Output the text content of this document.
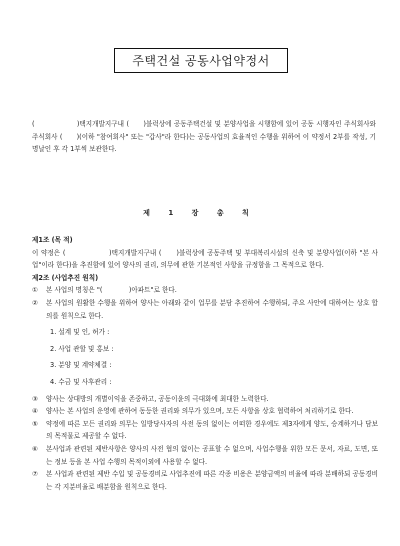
주택건설 공동사업약정서

(　　　　　　)택지개발지구내 (　　)블럭상에 공동주택건설 및 분양사업을 시행함에 있어 공동 시행자인 주식회사와 주식회사 (　　)(이하 "참여회사" 또는 "갑사"라 한다)는 공동사업의 효율적인 수행을 위하여 이 약정서 2부를 작성, 기명날인 후 각 1부씩 보관한다.

제 1 장 총 칙

제1조 (목 적)

이 약정은 (　　　　　　)택지개발지구내 (　　)블럭상에 공동주택 및 부대복리시설의 신축 및 분양사업(이하 "본 사업"이라 한다)을 추진함에 있어 양사의 권리, 의무에 관한 기본적인 사항을 규정함을 그 목적으로 한다.

제2조 (사업추진 원칙)

① 본 사업의 명칭은 "(　　　　)아파트"로 한다.

② 본 사업의 원활한 수행을 위하여 양사는 아래와 같이 업무를 분담 추진하여 수행하되, 주요 사안에 대하여는 상호 합의를 원칙으로 한다.

1. 설계 및 인, 허가 :

2. 사업 관할 및 홍보 :

3. 분양 및 계약체결 :

4. 수금 및 사후관리 :

③ 양사는 상대방의 개별이익을 존중하고, 공동이윤의 극대화에 최대한 노력한다.

④ 양사는 본 사업의 운영에 관하여 동등한 권리와 의무가 있으며, 모든 사항을 상호 협력하여 처리하기로 한다.

⑤ 약정에 따른 모든 권리와 의무는 일방당사자의 사전 동의 없이는 어떠한 경우에도 제3자에게 양도, 승계하거나 담보의 목적물로 제공할 수 없다.

⑥ 본사업과 관련된 제반사항은 양사의 사전 협의 없이는 공표할 수 없으며, 사업수행을 위한 모든 문서, 자료, 도면, 또는 정보 등을 본 사업 수행의 목적이외에 사용할 수 없다.

⑦ 본 사업과 관련된 제반 수입 및 공동경비로 사업추진에 따른 각종 비용은 분양금액의 비율에 따라 분배하되 공동경비는 각 지분비율로 배분함을 원칙으로 한다.
